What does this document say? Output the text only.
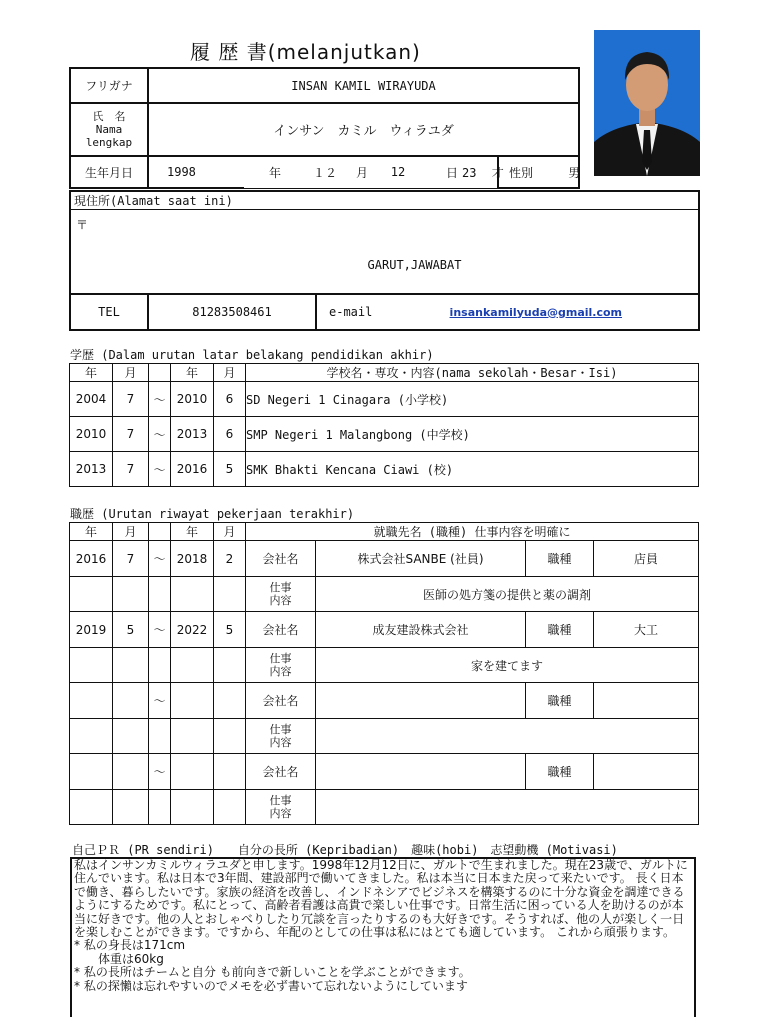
履 歴 書(melanjutkan)
フリガナ	INSAN KAMIL WIRAYUDA							

氏　名
Nama
lengkap	インサン　カミル　ウィラユダ							
生年月日	1998	年	１２	月	12	日	23 才	性別 男
現住所(Alamat saat ini)

〒
GARUT,JAWABAT

TEL	81283508461	e-mail	insankamilyuda@gmail.com
学歴 (Dalam urutan latar belakang pendidikan akhir)
年	月		年	月	学校名・専攻・内容(nama sekolah・Besar・Isi)
2004	7	～	2010	6	SD Negeri 1 Cinagara (小学校)
2010	7	～	2013	6	SMP Negeri 1 Malangbong (中学校)
2013	7	～	2016	5	SMK Bhakti Kencana Ciawi (校)
職歴 (Urutan riwayat pekerjaan terakhir)
年	月		年	月	就職先名 (職種) 仕事内容を明確に			
2016	7	～	2018	2	会社名	株式会社SANBE (社員)	職種	店員

					仕事
内容	医師の処方箋の提供と薬の調剤		
2019	5	～	2022	5	会社名	成友建設株式会社	職種	大工

					仕事
内容	家を建てます		
		～			会社名		職種	

					仕事
内容			

		～			会社名		職種	

					仕事
内容			

自己ＰＲ (PR sendiri)　　自分の長所 (Kepribadian)　趣味(hobi)　志望動機 (Motivasi)
私はインサンカミルウィラユダと申します。1998年12月12日に、ガルトで生まれました。現在23歳で、ガルトに住んでいます。私は日本で3年間、建設部門で働いてきました。私は本当に日本また戻って来たいです。 長く日本で働き、暮らしたいです。家族の経済を改善し、インドネシアでビジネスを構築するのに十分な資金を調達できるようにするためです。私にとって、高齢者看護は高貴で楽しい仕事です。日常生活に困っている人を助けるのが本当に好きです。他の人とおしゃべりしたり冗談を言ったりするのも大好きです。そうすれば、他の人が楽しく一日を楽しむことができます。ですから、年配のとしての仕事は私にはとても適しています。 これから頑張ります。
* 私の身長は171cm
　　体重は60kg
* 私の長所はチームと自分 も前向きで新しいことを学ぶことができます。
* 私の探懶は忘れやすいのでメモを必ず書いて忘れないようにしています
